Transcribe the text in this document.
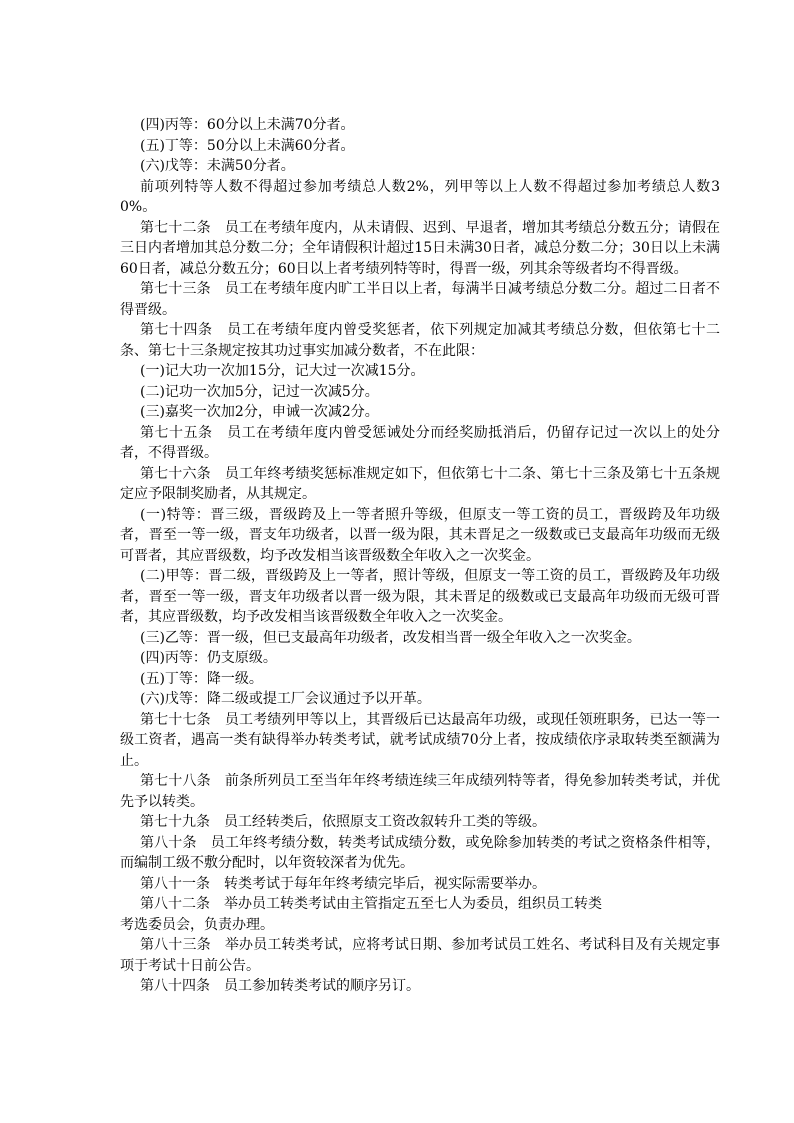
(四)丙等：60分以上未满70分者。

(五)丁等：50分以上未满60分者。

(六)戊等：未满50分者。

前项列特等人数不得超过参加考绩总人数2%，列甲等以上人数不得超过参加考绩总人数30%。

第七十二条　员工在考绩年度内，从未请假、迟到、早退者，增加其考绩总分数五分；请假在三日内者增加其总分数二分；全年请假积计超过15日未满30日者，减总分数二分；30日以上未满60日者，减总分数五分；60日以上者考绩列特等时，得晋一级，列其余等级者均不得晋级。

第七十三条　员工在考绩年度内旷工半日以上者，每满半日减考绩总分数二分。超过二日者不得晋级。

第七十四条　员工在考绩年度内曾受奖惩者，依下列规定加减其考绩总分数，但依第七十二条、第七十三条规定按其功过事实加减分数者，不在此限：

(一)记大功一次加15分，记大过一次减15分。

(二)记功一次加5分，记过一次减5分。

(三)嘉奖一次加2分，申诫一次减2分。

第七十五条　员工在考绩年度内曾受惩诫处分而经奖励抵消后，仍留存记过一次以上的处分者，不得晋级。

第七十六条　员工年终考绩奖惩标准规定如下，但依第七十二条、第七十三条及第七十五条规定应予限制奖励者，从其规定。

(一)特等：晋三级，晋级跨及上一等者照升等级，但原支一等工资的员工，晋级跨及年功级者，晋至一等一级，晋支年功级者，以晋一级为限，其未晋足之一级数或已支最高年功级而无级可晋者，其应晋级数，均予改发相当该晋级数全年收入之一次奖金。

(二)甲等：晋二级，晋级跨及上一等者，照计等级，但原支一等工资的员工，晋级跨及年功级者，晋至一等一级，晋支年功级者以晋一级为限，其未晋足的级数或已支最高年功级而无级可晋者，其应晋级数，均予改发相当该晋级数全年收入之一次奖金。

(三)乙等：晋一级，但已支最高年功级者，改发相当晋一级全年收入之一次奖金。

(四)丙等：仍支原级。

(五)丁等：降一级。

(六)戊等：降二级或提工厂会议通过予以开革。

第七十七条　员工考绩列甲等以上，其晋级后已达最高年功级，或现任领班职务，已达一等一级工资者，遇高一类有缺得举办转类考试，就考试成绩70分上者，按成绩依序录取转类至额满为止。

第七十八条　前条所列员工至当年年终考绩连续三年成绩列特等者，得免参加转类考试，并优先予以转类。

第七十九条　员工经转类后，依照原支工资改叙转升工类的等级。

第八十条　员工年终考绩分数，转类考试成绩分数，或免除参加转类的考试之资格条件相等，而编制工级不敷分配时，以年资较深者为优先。

第八十一条　转类考试于每年年终考绩完毕后，视实际需要举办。

第八十二条　举办员工转类考试由主管指定五至七人为委员，组织员工转类
考选委员会，负责办理。

第八十三条　举办员工转类考试，应将考试日期、参加考试员工姓名、考试科目及有关规定事项于考试十日前公告。

第八十四条　员工参加转类考试的顺序另订。
